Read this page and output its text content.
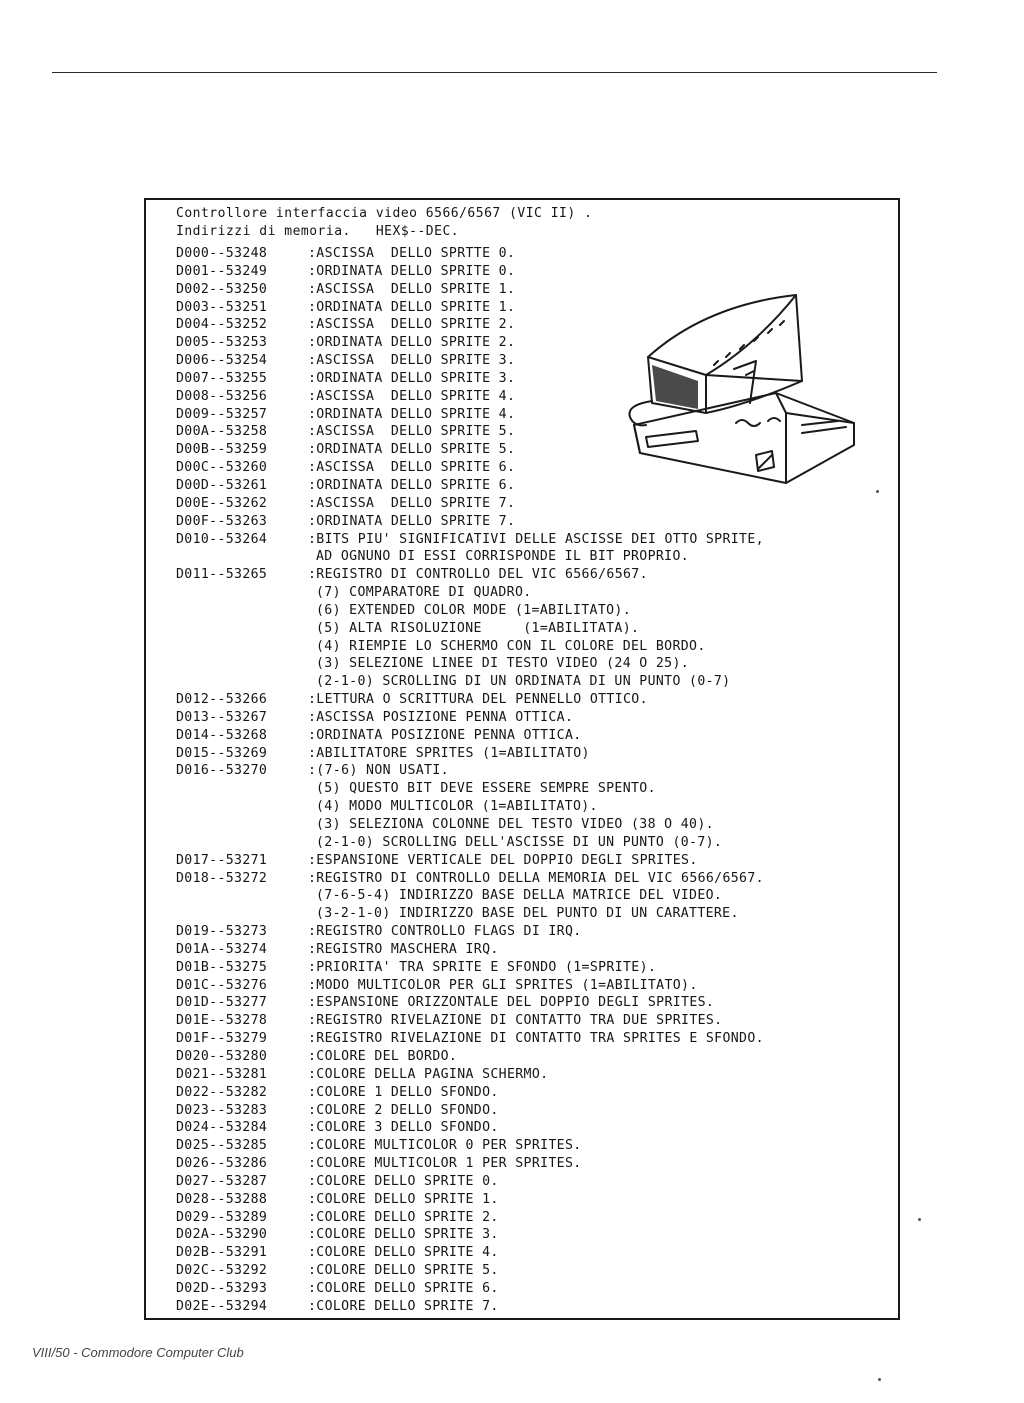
Controllore interfaccia video 6566/6567 (VIC II) .
Indirizzi di memoria.   HEX$--DEC.
D000--53248	:ASCISSA  DELLO SPRTTE 0.
D001--53249	:ORDINATA DELLO SPRITE 0.
D002--53250	:ASCISSA  DELLO SPRITE 1.
D003--53251	:ORDINATA DELLO SPRITE 1.
D004--53252	:ASCISSA  DELLO SPRITE 2.
D005--53253	:ORDINATA DELLO SPRITE 2.
D006--53254	:ASCISSA  DELLO SPRITE 3.
D007--53255	:ORDINATA DELLO SPRITE 3.
D008--53256	:ASCISSA  DELLO SPRITE 4.
D009--53257	:ORDINATA DELLO SPRITE 4.
D00A--53258	:ASCISSA  DELLO SPRITE 5.
D00B--53259	:ORDINATA DELLO SPRITE 5.
D00C--53260	:ASCISSA  DELLO SPRITE 6.
D00D--53261	:ORDINATA DELLO SPRITE 6.
D00E--53262	:ASCISSA  DELLO SPRITE 7.
D00F--53263	:ORDINATA DELLO SPRITE 7.
D010--53264	:BITS PIU' SIGNIFICATIVI DELLE ASCISSE DEI OTTO SPRITE,
AD OGNUNO DI ESSI CORRISPONDE IL BIT PROPRIO.
D011--53265	:REGISTRO DI CONTROLLO DEL VIC 6566/6567.
(7) COMPARATORE DI QUADRO.
(6) EXTENDED COLOR MODE (1=ABILITATO).
(5) ALTA RISOLUZIONE     (1=ABILITATA).
(4) RIEMPIE LO SCHERMO CON IL COLORE DEL BORDO.
(3) SELEZIONE LINEE DI TESTO VIDEO (24 O 25).
(2-1-0) SCROLLING DI UN ORDINATA DI UN PUNTO (0-7)
D012--53266	:LETTURA O SCRITTURA DEL PENNELLO OTTICO.
D013--53267	:ASCISSA POSIZIONE PENNA OTTICA.
D014--53268	:ORDINATA POSIZIONE PENNA OTTICA.
D015--53269	:ABILITATORE SPRITES (1=ABILITATO)
D016--53270	:(7-6) NON USATI.
(5) QUESTO BIT DEVE ESSERE SEMPRE SPENTO.
(4) MODO MULTICOLOR (1=ABILITATO).
(3) SELEZIONA COLONNE DEL TESTO VIDEO (38 O 40).
(2-1-0) SCROLLING DELL'ASCISSE DI UN PUNTO (0-7).
D017--53271	:ESPANSIONE VERTICALE DEL DOPPIO DEGLI SPRITES.
D018--53272	:REGISTRO DI CONTROLLO DELLA MEMORIA DEL VIC 6566/6567.
(7-6-5-4) INDIRIZZO BASE DELLA MATRICE DEL VIDEO.
(3-2-1-0) INDIRIZZO BASE DEL PUNTO DI UN CARATTERE.
D019--53273	:REGISTRO CONTROLLO FLAGS DI IRQ.
D01A--53274	:REGISTRO MASCHERA IRQ.
D01B--53275	:PRIORITA' TRA SPRITE E SFONDO (1=SPRITE).
D01C--53276	:MODO MULTICOLOR PER GLI SPRITES (1=ABILITATO).
D01D--53277	:ESPANSIONE ORIZZONTALE DEL DOPPIO DEGLI SPRITES.
D01E--53278	:REGISTRO RIVELAZIONE DI CONTATTO TRA DUE SPRITES.
D01F--53279	:REGISTRO RIVELAZIONE DI CONTATTO TRA SPRITES E SFONDO.
D020--53280	:COLORE DEL BORDO.
D021--53281	:COLORE DELLA PAGINA SCHERMO.
D022--53282	:COLORE 1 DELLO SFONDO.
D023--53283	:COLORE 2 DELLO SFONDO.
D024--53284	:COLORE 3 DELLO SFONDO.
D025--53285	:COLORE MULTICOLOR 0 PER SPRITES.
D026--53286	:COLORE MULTICOLOR 1 PER SPRITES.
D027--53287	:COLORE DELLO SPRITE 0.
D028--53288	:COLORE DELLO SPRITE 1.
D029--53289	:COLORE DELLO SPRITE 2.
D02A--53290	:COLORE DELLO SPRITE 3.
D02B--53291	:COLORE DELLO SPRITE 4.
D02C--53292	:COLORE DELLO SPRITE 5.
D02D--53293	:COLORE DELLO SPRITE 6.
D02E--53294	:COLORE DELLO SPRITE 7.
VIII/50 - Commodore Computer Club
